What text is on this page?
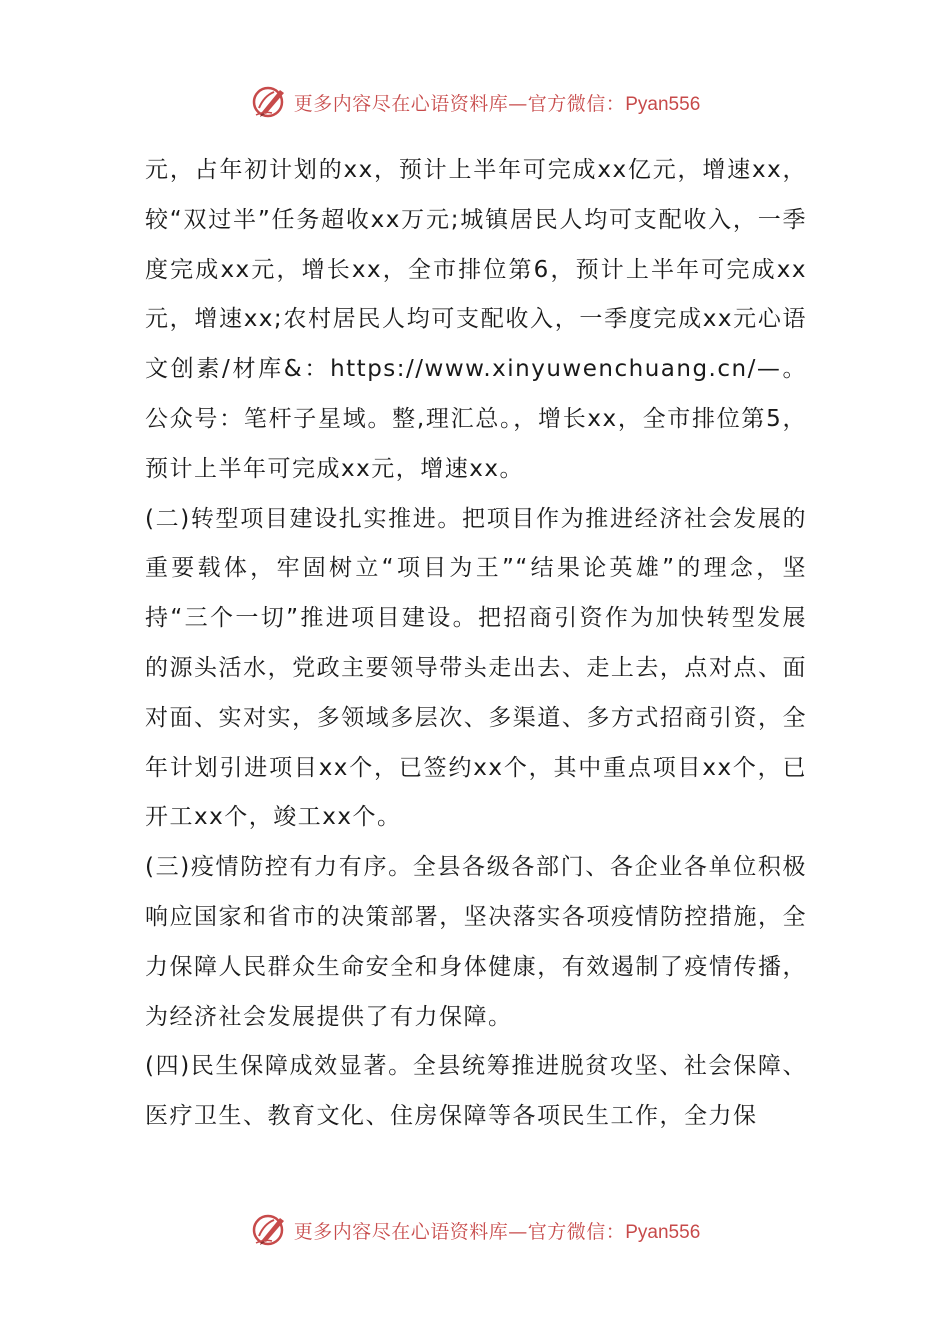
更多内容尽在心语资料库—官方微信：Pyan556

元，占年初计划的xx，预计上半年可完成xx亿元，增速xx，较“双过半”任务超收xx万元;城镇居民人均可支配收入，一季度完成xx元，增长xx，全市排位第6，预计上半年可完成xx元，增速xx;农村居民人均可支配收入，一季度完成xx元心语文创素/材库&：https://www.xinyuwenchuang.cn/—。公众号：笔杆子星域。整,理汇总。，增长xx，全市排位第5，预计上半年可完成xx元，增速xx。

(二)转型项目建设扎实推进。把项目作为推进经济社会发展的重要载体，牢固树立“项目为王”“结果论英雄”的理念，坚持“三个一切”推进项目建设。把招商引资作为加快转型发展的源头活水，党政主要领导带头走出去、走上去，点对点、面对面、实对实，多领域多层次、多渠道、多方式招商引资，全年计划引进项目xx个，已签约xx个，其中重点项目xx个，已开工xx个，竣工xx个。

(三)疫情防控有力有序。全县各级各部门、各企业各单位积极响应国家和省市的决策部署，坚决落实各项疫情防控措施，全力保障人民群众生命安全和身体健康，有效遏制了疫情传播，为经济社会发展提供了有力保障。

(四)民生保障成效显著。全县统筹推进脱贫攻坚、社会保障、医疗卫生、教育文化、住房保障等各项民生工作，全力保

更多内容尽在心语资料库—官方微信：Pyan556
